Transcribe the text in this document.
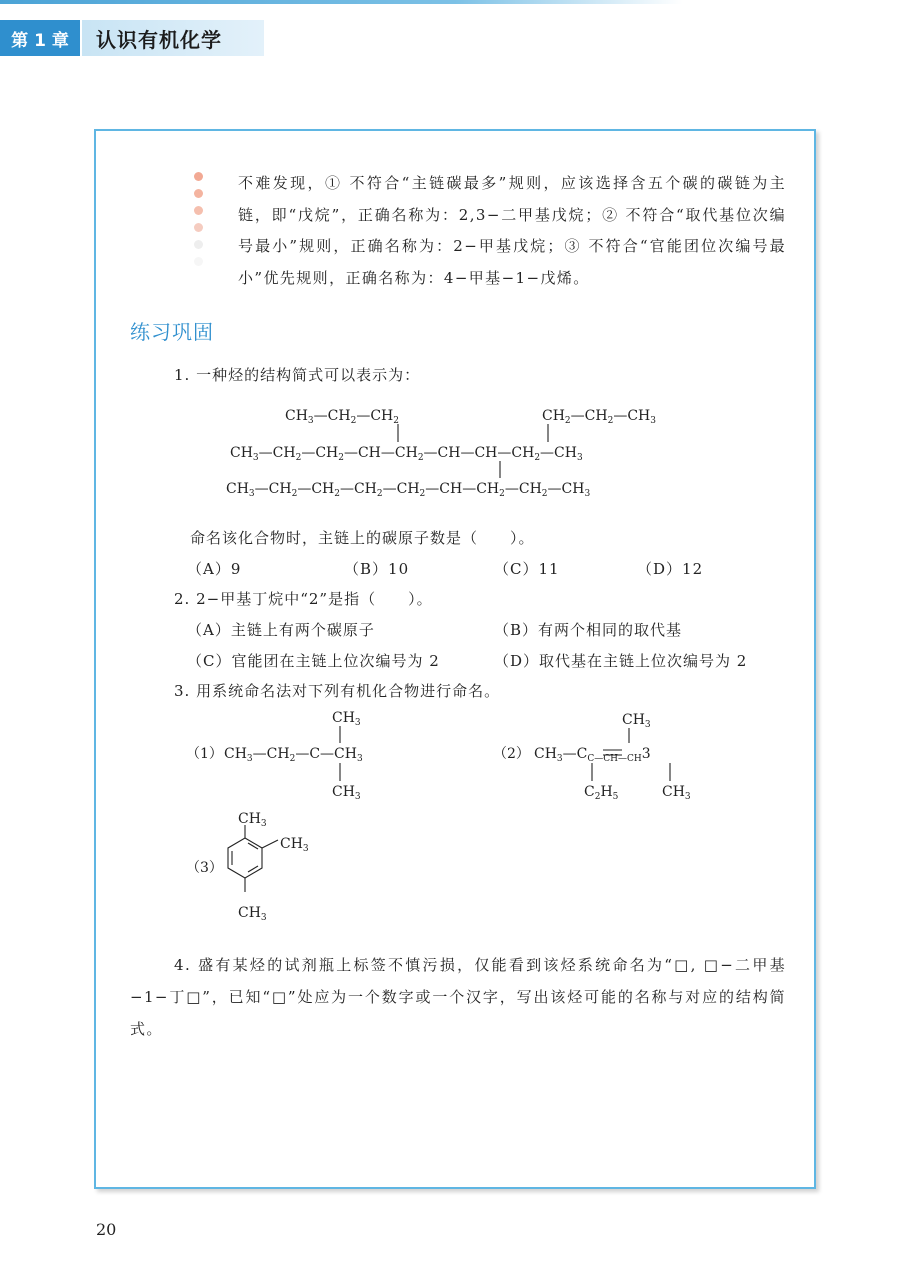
第 1 章	认识有机化学
不难发现，① 不符合“主链碳最多”规则，应该选择含五个碳的碳链为主链，即“戊烷”，正确名称为：2,3−二甲基戊烷；② 不符合“取代基位次编号最小”规则，正确名称为：2−甲基戊烷；③ 不符合“官能团位次编号最小”优先规则，正确名称为：4−甲基−1−戊烯。
练习巩固
1. 一种烃的结构简式可以表示为：
$CH_3—CH_2—CH_2$	$CH_2—CH_2—CH_3$
$CH_3—CH_2—CH_2—CH—CH_2—CH—CH—CH_2—CH_3$
$CH_3—CH_2—CH_2—CH_2—CH_2—CH—CH_2—CH_2—CH_3$
命名该化合物时，主链上的碳原子数是（　　）。
（A）9	（B）10	（C）11	（D）12
2. 2−甲基丁烷中“2”是指（　　）。
（A）主链上有两个碳原子	（B）有两个相同的取代基
（C）官能团在主链上位次编号为 2	（D）取代基在主链上位次编号为 2
3. 用系统命名法对下列有机化合物进行命名。
（1）
$CH_3$
$CH_3—CH_2—C—CH_3$
$CH_3$
（2）
$CH_3$
$CH_3—C_{C—CH—CH}3$
$C_2H_5$	$CH_3$
（3）
$CH_3$
$CH_3$
$CH_3$
4. 盛有某烃的试剂瓶上标签不慎污损，仅能看到该烃系统命名为“□, □−二甲基−1−丁□”，已知“□”处应为一个数字或一个汉字，写出该烃可能的名称与对应的结构简式。
20
